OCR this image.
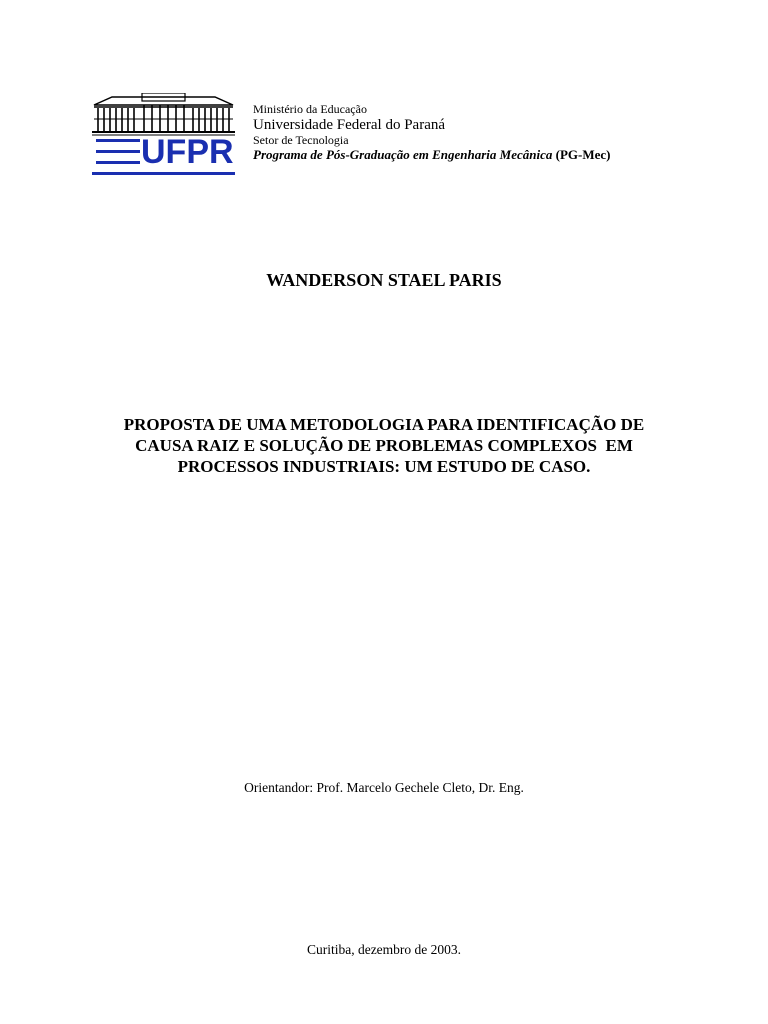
UFPR
Ministério da Educação
Universidade Federal do Paraná
Setor de Tecnologia
Programa de Pós-Graduação em Engenharia Mecânica (PG-Mec)
WANDERSON STAEL PARIS
PROPOSTA DE UMA METODOLOGIA PARA IDENTIFICAÇÃO DE
CAUSA RAIZ E SOLUÇÃO DE PROBLEMAS COMPLEXOS  EM
PROCESSOS INDUSTRIAIS: UM ESTUDO DE CASO.
Orientandor: Prof. Marcelo Gechele Cleto, Dr. Eng.
Curitiba, dezembro de 2003.
